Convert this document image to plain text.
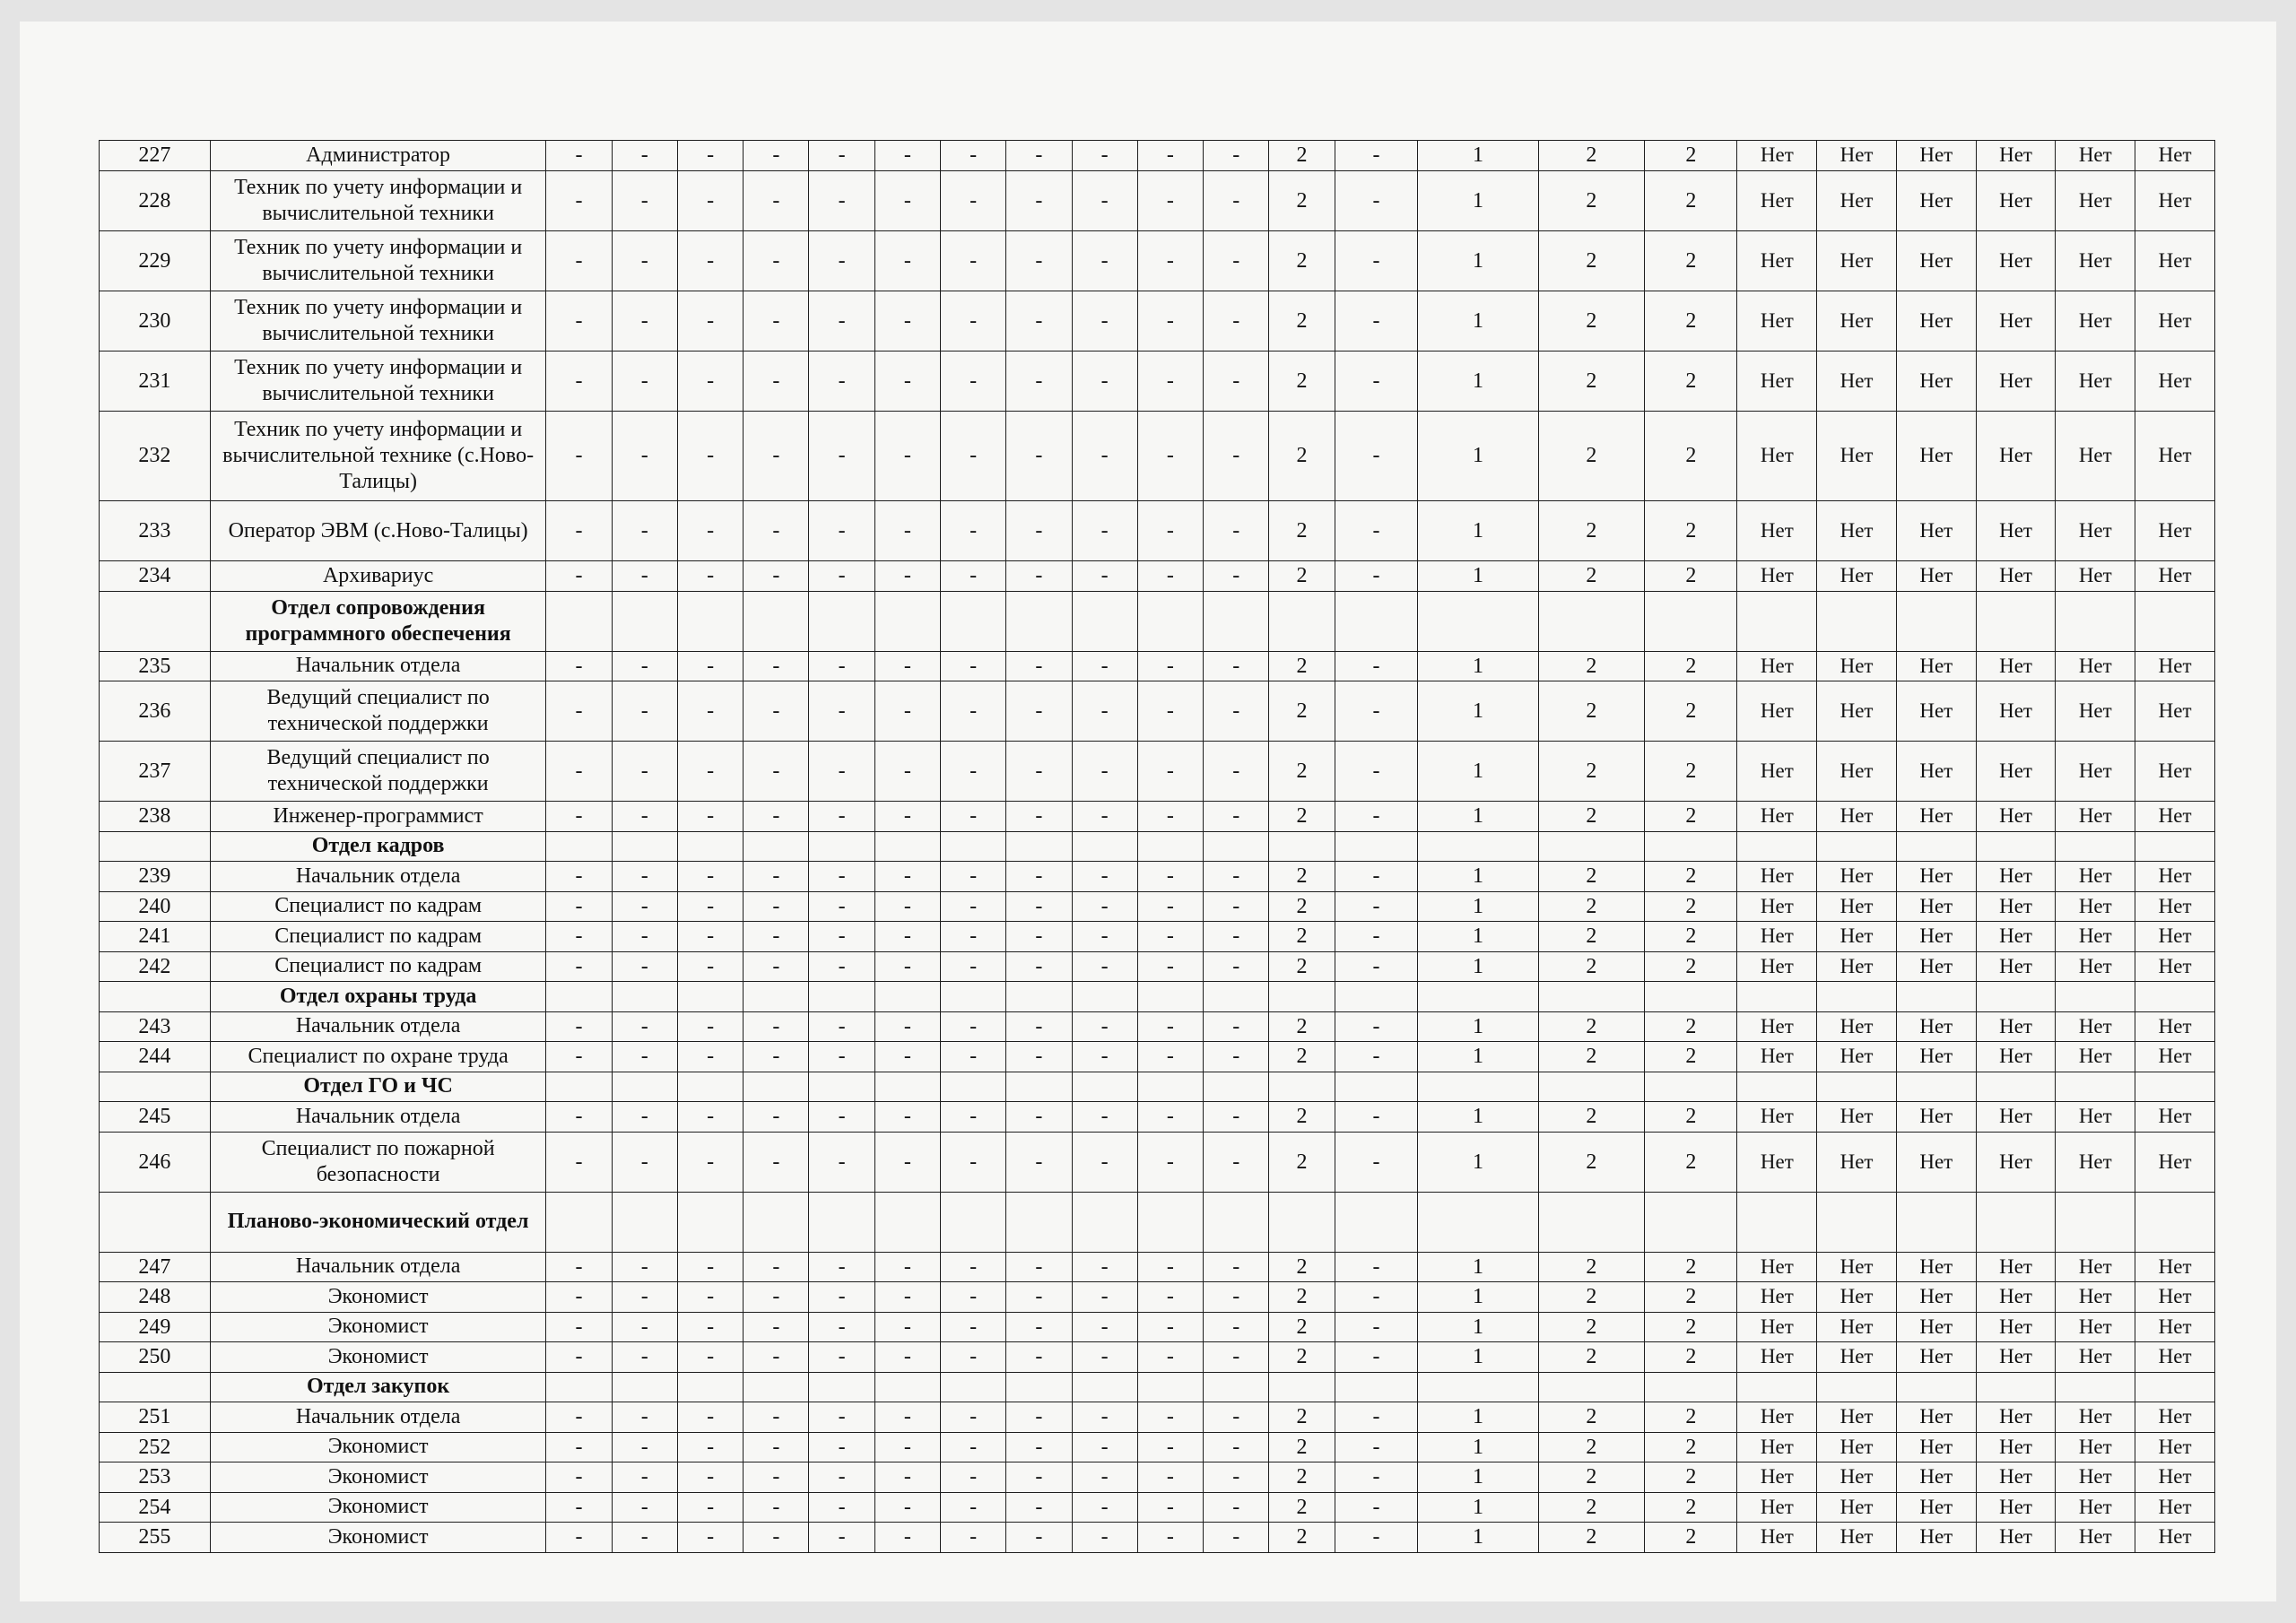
227	Администратор	-	-	-	-	-	-	-	-	-	-	-	2	-	1	2	2	Нет	Нет	Нет	Нет	Нет	Нет
228	Техник по учету информации и вычислительной техники	-	-	-	-	-	-	-	-	-	-	-	2	-	1	2	2	Нет	Нет	Нет	Нет	Нет	Нет
229	Техник по учету информации и вычислительной техники	-	-	-	-	-	-	-	-	-	-	-	2	-	1	2	2	Нет	Нет	Нет	Нет	Нет	Нет
230	Техник по учету информации и вычислительной техники	-	-	-	-	-	-	-	-	-	-	-	2	-	1	2	2	Нет	Нет	Нет	Нет	Нет	Нет
231	Техник по учету информации и вычислительной техники	-	-	-	-	-	-	-	-	-	-	-	2	-	1	2	2	Нет	Нет	Нет	Нет	Нет	Нет
232	Техник по учету информации и вычислительной технике (с.Ново-Талицы)	-	-	-	-	-	-	-	-	-	-	-	2	-	1	2	2	Нет	Нет	Нет	Нет	Нет	Нет
233	Оператор ЭВМ (с.Ново-Талицы)	-	-	-	-	-	-	-	-	-	-	-	2	-	1	2	2	Нет	Нет	Нет	Нет	Нет	Нет
234	Архивариус	-	-	-	-	-	-	-	-	-	-	-	2	-	1	2	2	Нет	Нет	Нет	Нет	Нет	Нет
	Отдел сопровождения программного обеспечения																						
235	Начальник отдела	-	-	-	-	-	-	-	-	-	-	-	2	-	1	2	2	Нет	Нет	Нет	Нет	Нет	Нет
236	Ведущий специалист по технической поддержки	-	-	-	-	-	-	-	-	-	-	-	2	-	1	2	2	Нет	Нет	Нет	Нет	Нет	Нет
237	Ведущий специалист по технической поддержки	-	-	-	-	-	-	-	-	-	-	-	2	-	1	2	2	Нет	Нет	Нет	Нет	Нет	Нет
238	Инженер-программист	-	-	-	-	-	-	-	-	-	-	-	2	-	1	2	2	Нет	Нет	Нет	Нет	Нет	Нет
	Отдел кадров																						
239	Начальник отдела	-	-	-	-	-	-	-	-	-	-	-	2	-	1	2	2	Нет	Нет	Нет	Нет	Нет	Нет
240	Специалист по кадрам	-	-	-	-	-	-	-	-	-	-	-	2	-	1	2	2	Нет	Нет	Нет	Нет	Нет	Нет
241	Специалист по кадрам	-	-	-	-	-	-	-	-	-	-	-	2	-	1	2	2	Нет	Нет	Нет	Нет	Нет	Нет
242	Специалист по кадрам	-	-	-	-	-	-	-	-	-	-	-	2	-	1	2	2	Нет	Нет	Нет	Нет	Нет	Нет
	Отдел охраны труда																						
243	Начальник отдела	-	-	-	-	-	-	-	-	-	-	-	2	-	1	2	2	Нет	Нет	Нет	Нет	Нет	Нет
244	Специалист по охране труда	-	-	-	-	-	-	-	-	-	-	-	2	-	1	2	2	Нет	Нет	Нет	Нет	Нет	Нет
	Отдел ГО и ЧС																						
245	Начальник отдела	-	-	-	-	-	-	-	-	-	-	-	2	-	1	2	2	Нет	Нет	Нет	Нет	Нет	Нет
246	Специалист по пожарной безопасности	-	-	-	-	-	-	-	-	-	-	-	2	-	1	2	2	Нет	Нет	Нет	Нет	Нет	Нет
	Планово-экономический отдел																						
247	Начальник отдела	-	-	-	-	-	-	-	-	-	-	-	2	-	1	2	2	Нет	Нет	Нет	Нет	Нет	Нет
248	Экономист	-	-	-	-	-	-	-	-	-	-	-	2	-	1	2	2	Нет	Нет	Нет	Нет	Нет	Нет
249	Экономист	-	-	-	-	-	-	-	-	-	-	-	2	-	1	2	2	Нет	Нет	Нет	Нет	Нет	Нет
250	Экономист	-	-	-	-	-	-	-	-	-	-	-	2	-	1	2	2	Нет	Нет	Нет	Нет	Нет	Нет
	Отдел закупок																						
251	Начальник отдела	-	-	-	-	-	-	-	-	-	-	-	2	-	1	2	2	Нет	Нет	Нет	Нет	Нет	Нет
252	Экономист	-	-	-	-	-	-	-	-	-	-	-	2	-	1	2	2	Нет	Нет	Нет	Нет	Нет	Нет
253	Экономист	-	-	-	-	-	-	-	-	-	-	-	2	-	1	2	2	Нет	Нет	Нет	Нет	Нет	Нет
254	Экономист	-	-	-	-	-	-	-	-	-	-	-	2	-	1	2	2	Нет	Нет	Нет	Нет	Нет	Нет
255	Экономист	-	-	-	-	-	-	-	-	-	-	-	2	-	1	2	2	Нет	Нет	Нет	Нет	Нет	Нет
